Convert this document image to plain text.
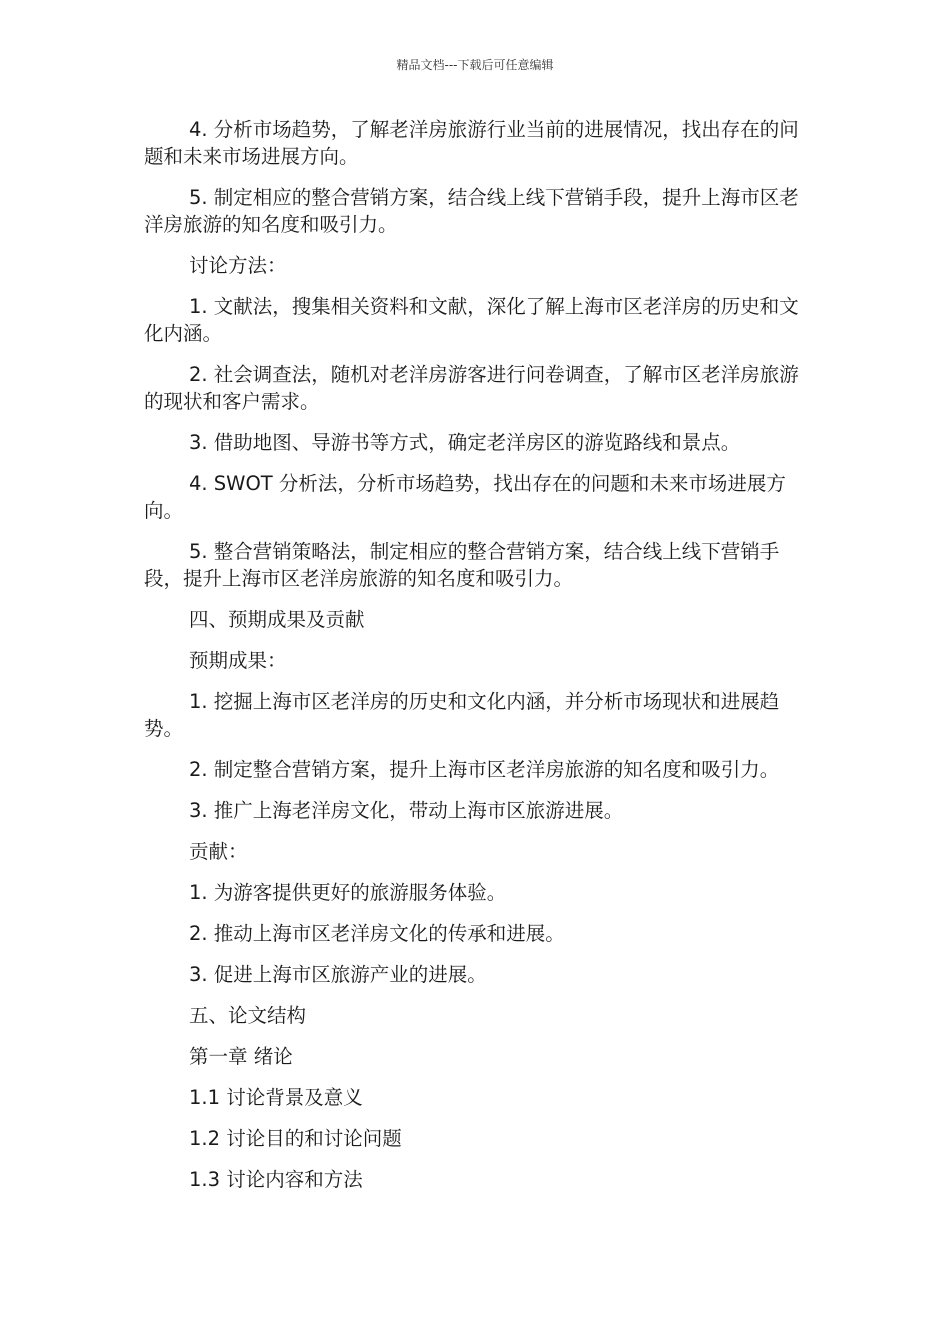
精品文档---下载后可任意编辑

4. 分析市场趋势，了解老洋房旅游行业当前的进展情况，找出存在的问题和未来市场进展方向。

5. 制定相应的整合营销方案，结合线上线下营销手段，提升上海市区老洋房旅游的知名度和吸引力。

讨论方法：

1. 文献法，搜集相关资料和文献，深化了解上海市区老洋房的历史和文化内涵。

2. 社会调查法，随机对老洋房游客进行问卷调查，了解市区老洋房旅游的现状和客户需求。

3. 借助地图、导游书等方式，确定老洋房区的游览路线和景点。

4. SWOT 分析法，分析市场趋势，找出存在的问题和未来市场进展方向。

5. 整合营销策略法，制定相应的整合营销方案，结合线上线下营销手段，提升上海市区老洋房旅游的知名度和吸引力。

四、预期成果及贡献

预期成果：

1. 挖掘上海市区老洋房的历史和文化内涵，并分析市场现状和进展趋势。

2. 制定整合营销方案，提升上海市区老洋房旅游的知名度和吸引力。

3. 推广上海老洋房文化，带动上海市区旅游进展。

贡献：

1. 为游客提供更好的旅游服务体验。

2. 推动上海市区老洋房文化的传承和进展。

3. 促进上海市区旅游产业的进展。

五、论文结构

第一章 绪论

1.1 讨论背景及意义

1.2 讨论目的和讨论问题

1.3 讨论内容和方法
